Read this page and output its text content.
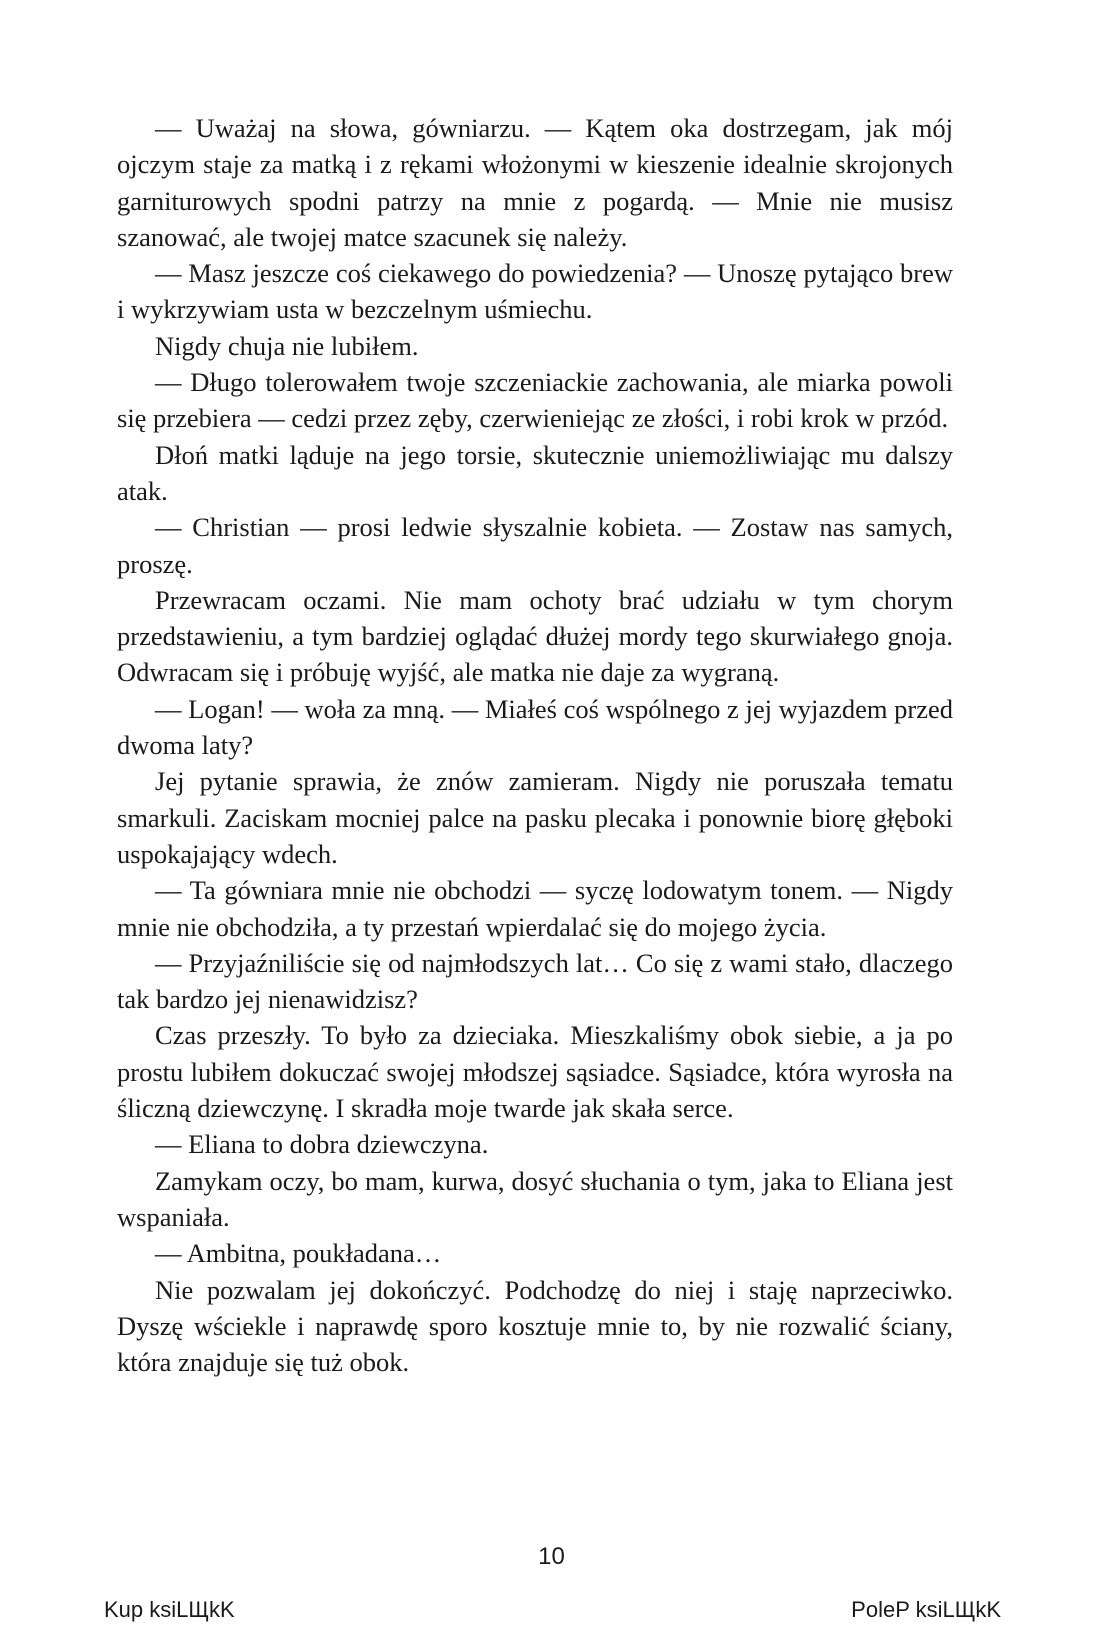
— Uważaj na słowa, gówniarzu. — Kątem oka dostrzegam, jak mój ojczym staje za matką i z rękami włożonymi w kieszenie idealnie skrojonych garniturowych spodni patrzy na mnie z pogardą. — Mnie nie musisz szanować, ale twojej matce szacunek się należy.

— Masz jeszcze coś ciekawego do powiedzenia? — Unoszę pytająco brew i wykrzywiam usta w bezczelnym uśmiechu.

Nigdy chuja nie lubiłem.

— Długo tolerowałem twoje szczeniackie zachowania, ale miarka powoli się przebiera — cedzi przez zęby, czerwieniejąc ze złości, i robi krok w przód.

Dłoń matki ląduje na jego torsie, skutecznie uniemożliwiając mu dalszy atak.

— Christian — prosi ledwie słyszalnie kobieta. — Zostaw nas samych, proszę.

Przewracam oczami. Nie mam ochoty brać udziału w tym chorym przedstawieniu, a tym bardziej oglądać dłużej mordy tego skurwiałego gnoja. Odwracam się i próbuję wyjść, ale matka nie daje za wygraną.

— Logan! — woła za mną. — Miałeś coś wspólnego z jej wyjazdem przed dwoma laty?

Jej pytanie sprawia, że znów zamieram. Nigdy nie poruszała tematu smarkuli. Zaciskam mocniej palce na pasku plecaka i ponownie biorę głęboki uspokajający wdech.

— Ta gówniara mnie nie obchodzi — syczę lodowatym tonem. — Nigdy mnie nie obchodziła, a ty przestań wpierdalać się do mojego życia.

— Przyjaźniliście się od najmłodszych lat… Co się z wami stało, dlaczego tak bardzo jej nienawidzisz?

Czas przeszły. To było za dzieciaka. Mieszkaliśmy obok siebie, a ja po prostu lubiłem dokuczać swojej młodszej sąsiadce. Sąsiadce, która wyrosła na śliczną dziewczynę. I skradła moje twarde jak skała serce.

— Eliana to dobra dziewczyna.

Zamykam oczy, bo mam, kurwa, dosyć słuchania o tym, jaka to Eliana jest wspaniała.

— Ambitna, poukładana…

Nie pozwalam jej dokończyć. Podchodzę do niej i staję naprzeciwko. Dyszę wściekle i naprawdę sporo kosztuje mnie to, by nie rozwalić ściany, która znajduje się tuż obok.

10
Kup ksiLЩkK	PoleP ksiLЩkK
